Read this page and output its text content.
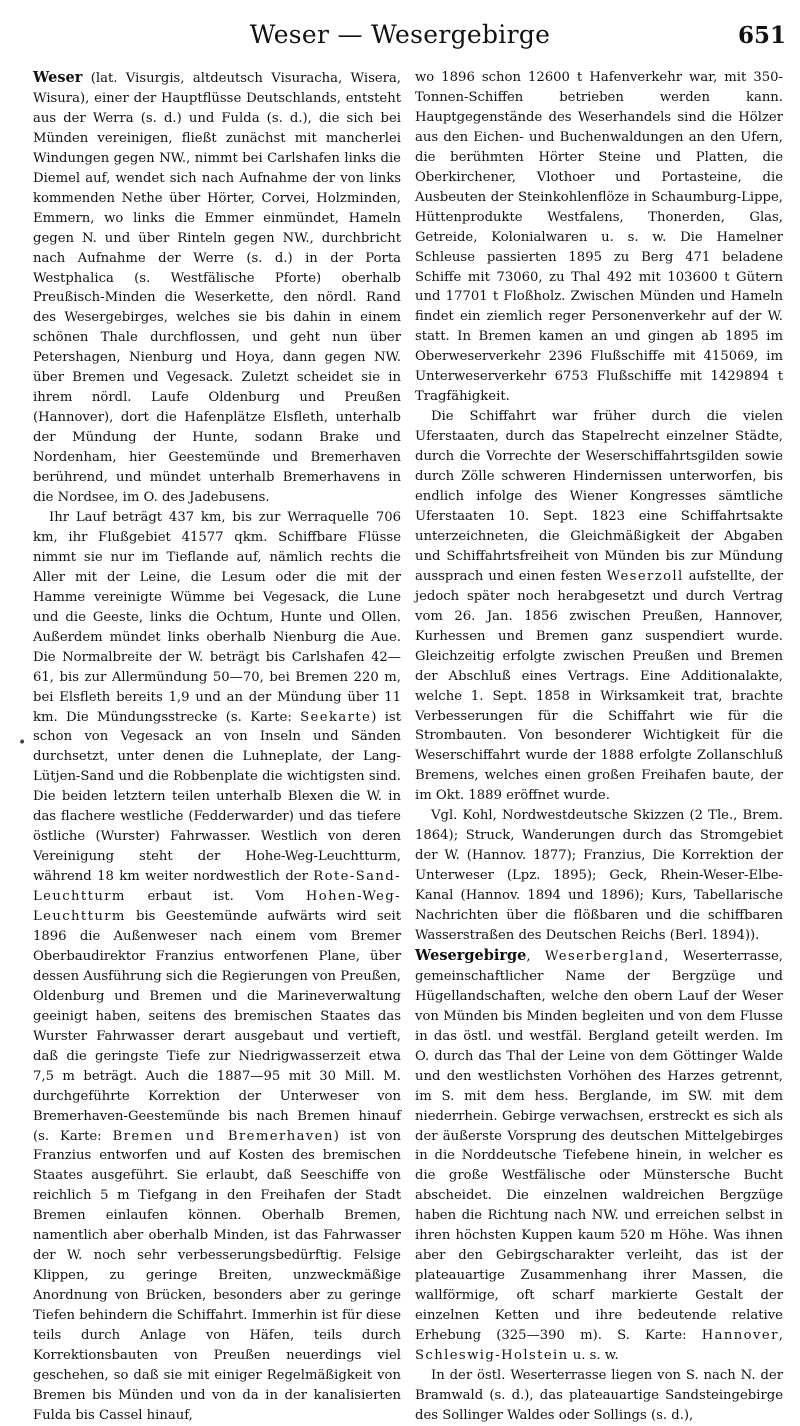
Weser — Wesergebirge	651
•

Weser (lat. Visurgis, altdeutsch Visuracha, Wisera, Wisura), einer der Hauptflüsse Deutschlands, entsteht aus der Werra (s. d.) und Fulda (s. d.), die sich bei Münden vereinigen, fließt zunächst mit mancherlei Windungen gegen NW., nimmt bei Carlshafen links die Diemel auf, wendet sich nach Aufnahme der von links kommenden Nethe über Hörter, Corvei, Holzminden, Emmern, wo links die Emmer einmündet, Hameln gegen N. und über Rinteln gegen NW., durchbricht nach Aufnahme der Werre (s. d.) in der Porta Westphalica (s. Westfälische Pforte) oberhalb Preußisch-Minden die Weserkette, den nördl. Rand des Wesergebirges, welches sie bis dahin in einem schönen Thale durchflossen, und geht nun über Petershagen, Nienburg und Hoya, dann gegen NW. über Bremen und Vegesack. Zuletzt scheidet sie in ihrem nördl. Laufe Oldenburg und Preußen (Hannover), dort die Hafenplätze Elsfleth, unterhalb der Mündung der Hunte, sodann Brake und Nordenham, hier Geestemünde und Bremerhaven berührend, und mündet unterhalb Bremerhavens in die Nordsee, im O. des Jadebusens.

Ihr Lauf beträgt 437 km, bis zur Werraquelle 706 km, ihr Flußgebiet 41577 qkm. Schiffbare Flüsse nimmt sie nur im Tieflande auf, nämlich rechts die Aller mit der Leine, die Lesum oder die mit der Hamme vereinigte Wümme bei Vegesack, die Lune und die Geeste, links die Ochtum, Hunte und Ollen. Außerdem mündet links oberhalb Nienburg die Aue. Die Normalbreite der W. beträgt bis Carlshafen 42—61, bis zur Allermündung 50—70, bei Bremen 220 m, bei Elsfleth bereits 1,9 und an der Mündung über 11 km. Die Mündungsstrecke (s. Karte: Seekarte) ist schon von Vegesack an von Inseln und Sänden durchsetzt, unter denen die Luhneplate, der Lang-Lütjen-Sand und die Robbenplate die wichtigsten sind. Die beiden letztern teilen unterhalb Blexen die W. in das flachere westliche (Fedderwarder) und das tiefere östliche (Wurster) Fahrwasser. Westlich von deren Vereinigung steht der Hohe-Weg-Leuchtturm, während 18 km weiter nordwestlich der Rote-Sand-Leuchtturm erbaut ist. Vom Hohen-Weg-Leuchtturm bis Geestemünde aufwärts wird seit 1896 die Außenweser nach einem vom Bremer Oberbaudirektor Franzius entworfenen Plane, über dessen Ausführung sich die Regierungen von Preußen, Oldenburg und Bremen und die Marineverwaltung geeinigt haben, seitens des bremischen Staates das Wurster Fahrwasser derart ausgebaut und vertieft, daß die geringste Tiefe zur Niedrigwasserzeit etwa 7,5 m beträgt. Auch die 1887—95 mit 30 Mill. M. durchgeführte Korrektion der Unterweser von Bremerhaven-Geestemünde bis nach Bremen hinauf (s. Karte: Bremen und Bremerhaven) ist von Franzius entworfen und auf Kosten des bremischen Staates ausgeführt. Sie erlaubt, daß Seeschiffe von reichlich 5 m Tiefgang in den Freihafen der Stadt Bremen einlaufen können. Oberhalb Bremen, namentlich aber oberhalb Minden, ist das Fahrwasser der W. noch sehr verbesserungsbedürftig. Felsige Klippen, zu geringe Breiten, unzweckmäßige Anordnung von Brücken, besonders aber zu geringe Tiefen behindern die Schiffahrt. Immerhin ist für diese teils durch Anlage von Häfen, teils durch Korrektionsbauten von Preußen neuerdings viel geschehen, so daß sie mit einiger Regelmäßigkeit von Bremen bis Münden und von da in der kanalisierten Fulda bis Cassel hinauf,

wo 1896 schon 12600 t Hafenverkehr war, mit 350-Tonnen-Schiffen betrieben werden kann. Hauptgegenstände des Weserhandels sind die Hölzer aus den Eichen- und Buchenwaldungen an den Ufern, die berühmten Hörter Steine und Platten, die Oberkirchener, Vlothoer und Portasteine, die Ausbeuten der Steinkohlenflöze in Schaumburg-Lippe, Hüttenprodukte Westfalens, Thonerden, Glas, Getreide, Kolonialwaren u. s. w. Die Hamelner Schleuse passierten 1895 zu Berg 471 beladene Schiffe mit 73060, zu Thal 492 mit 103600 t Gütern und 17701 t Floßholz. Zwischen Münden und Hameln findet ein ziemlich reger Personenverkehr auf der W. statt. In Bremen kamen an und gingen ab 1895 im Oberweserverkehr 2396 Flußschiffe mit 415069, im Unterweserverkehr 6753 Flußschiffe mit 1429894 t Tragfähigkeit.

Die Schiffahrt war früher durch die vielen Uferstaaten, durch das Stapelrecht einzelner Städte, durch die Vorrechte der Weserschiffahrtsgilden sowie durch Zölle schweren Hindernissen unterworfen, bis endlich infolge des Wiener Kongresses sämtliche Uferstaaten 10. Sept. 1823 eine Schiffahrtsakte unterzeichneten, die Gleichmäßigkeit der Abgaben und Schiffahrtsfreiheit von Münden bis zur Mündung aussprach und einen festen Weserzoll aufstellte, der jedoch später noch herabgesetzt und durch Vertrag vom 26. Jan. 1856 zwischen Preußen, Hannover, Kurhessen und Bremen ganz suspendiert wurde. Gleichzeitig erfolgte zwischen Preußen und Bremen der Abschluß eines Vertrags. Eine Additionalakte, welche 1. Sept. 1858 in Wirksamkeit trat, brachte Verbesserungen für die Schiffahrt wie für die Strombauten. Von besonderer Wichtigkeit für die Weserschiffahrt wurde der 1888 erfolgte Zollanschluß Bremens, welches einen großen Freihafen baute, der im Okt. 1889 eröffnet wurde.

Vgl. Kohl, Nordwestdeutsche Skizzen (2 Tle., Brem. 1864); Struck, Wanderungen durch das Stromgebiet der W. (Hannov. 1877); Franzius, Die Korrektion der Unterweser (Lpz. 1895); Geck, Rhein-Weser-Elbe-Kanal (Hannov. 1894 und 1896); Kurs, Tabellarische Nachrichten über die flößbaren und die schiffbaren Wasserstraßen des Deutschen Reichs (Berl. 1894)).

Wesergebirge, Weserbergland, Weserterrasse, gemeinschaftlicher Name der Bergzüge und Hügellandschaften, welche den obern Lauf der Weser von Münden bis Minden begleiten und von dem Flusse in das östl. und westfäl. Bergland geteilt werden. Im O. durch das Thal der Leine von dem Göttinger Walde und den westlichsten Vorhöhen des Harzes getrennt, im S. mit dem hess. Berglande, im SW. mit dem niederrhein. Gebirge verwachsen, erstreckt es sich als der äußerste Vorsprung des deutschen Mittelgebirges in die Norddeutsche Tiefebene hinein, in welcher es die große Westfälische oder Münstersche Bucht abscheidet. Die einzelnen waldreichen Bergzüge haben die Richtung nach NW. und erreichen selbst in ihren höchsten Kuppen kaum 520 m Höhe. Was ihnen aber den Gebirgscharakter verleiht, das ist der plateauartige Zusammenhang ihrer Massen, die wallförmige, oft scharf markierte Gestalt der einzelnen Ketten und ihre bedeutende relative Erhebung (325—390 m). S. Karte: Hannover, Schleswig-Holstein u. s. w.

In der östl. Weserterrasse liegen von S. nach N. der Bramwald (s. d.), das plateauartige Sandsteingebirge des Sollinger Waldes oder Sollings (s. d.),
